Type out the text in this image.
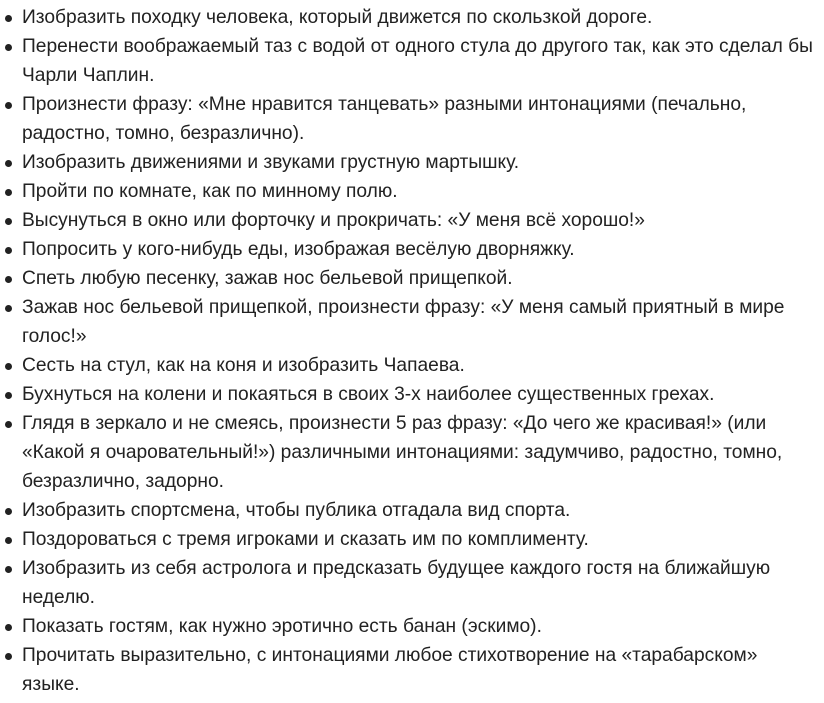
Изобразить походку человека, который движется по скользкой дороге.
Перенести воображаемый таз с водой от одного стула до другого так, как это сделал бы Чарли Чаплин.
Произнести фразу: «Мне нравится танцевать» разными интонациями (печально, радостно, томно, безразлично).
Изобразить движениями и звуками грустную мартышку.
Пройти по комнате, как по минному полю.
Высунуться в окно или форточку и прокричать: «У меня всё хорошо!»
Попросить у кого-нибудь еды, изображая весёлую дворняжку.
Спеть любую песенку, зажав нос бельевой прищепкой.
Зажав нос бельевой прищепкой, произнести фразу: «У меня самый приятный в мире голос!»
Сесть на стул, как на коня и изобразить Чапаева.
Бухнуться на колени и покаяться в своих 3-х наиболее существенных грехах.
Глядя в зеркало и не смеясь, произнести 5 раз фразу: «До чего же красивая!» (или «Какой я очаровательный!») различными интонациями: задумчиво, радостно, томно, безразлично, задорно.
Изобразить спортсмена, чтобы публика отгадала вид спорта.
Поздороваться с тремя игроками и сказать им по комплименту.
Изобразить из себя астролога и предсказать будущее каждого гостя на ближайшую неделю.
Показать гостям, как нужно эротично есть банан (эскимо).
Прочитать выразительно, с интонациями любое стихотворение на «тарабарском» языке.
